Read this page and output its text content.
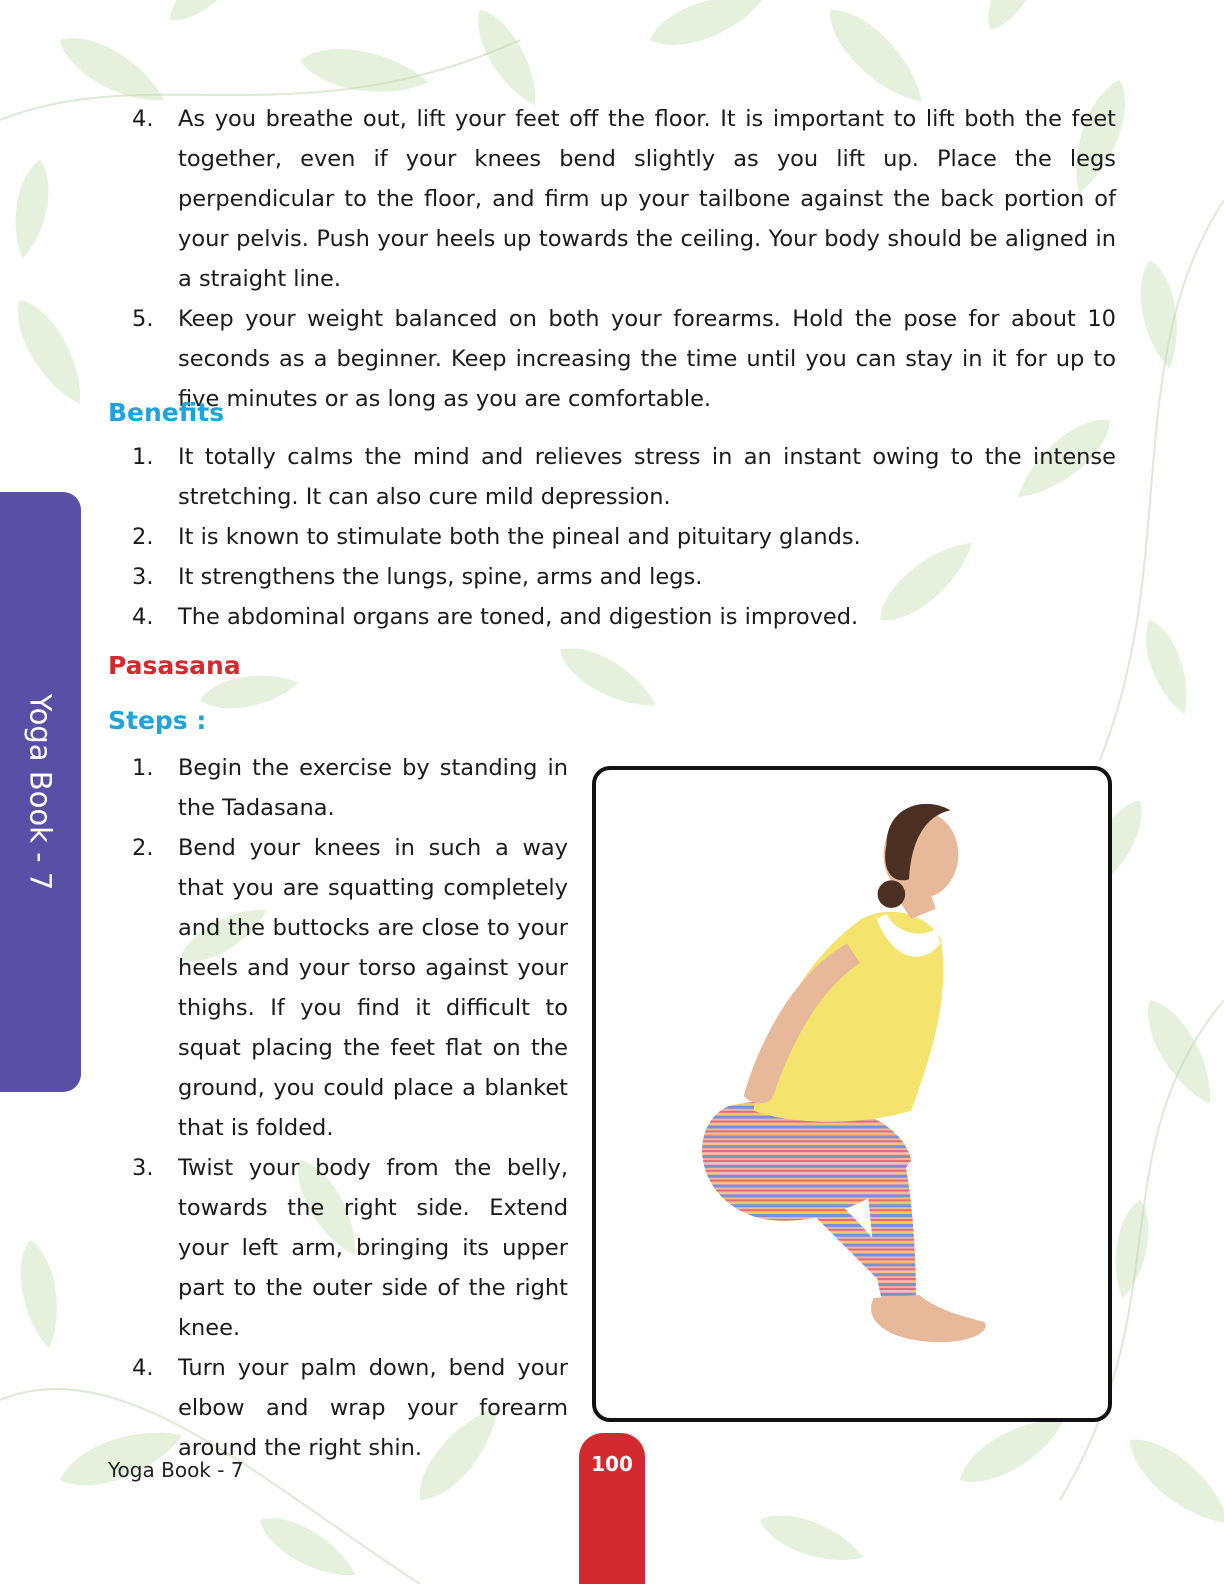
Yoga Book - 7
4. As you breathe out, lift your feet off the floor. It is important to lift both the feet together, even if your knees bend slightly as you lift up. Place the legs perpendicular to the floor, and firm up your tailbone against the back portion of your pelvis. Push your heels up towards the ceiling. Your body should be aligned in a straight line.
5. Keep your weight balanced on both your forearms. Hold the pose for about 10 seconds as a beginner. Keep increasing the time until you can stay in it for up to five minutes or as long as you are comfortable.
Benefits
1. It totally calms the mind and relieves stress in an instant owing to the intense stretching. It can also cure mild depression.
2. It is known to stimulate both the pineal and pituitary glands.
3. It strengthens the lungs, spine, arms and legs.
4. The abdominal organs are toned, and digestion is improved.
Pasasana
Steps :
1. Begin the exercise by standing in the Tadasana.
2. Bend your knees in such a way that you are squatting completely and the buttocks are close to your heels and your torso against your thighs. If you find it difficult to squat placing the feet flat on the ground, you could place a blanket that is folded.
3. Twist your body from the belly, towards the right side. Extend your left arm, bringing its upper part to the outer side of the right knee.
4. Turn your palm down, bend your elbow and wrap your forearm around the right shin.
Yoga Book - 7	100
